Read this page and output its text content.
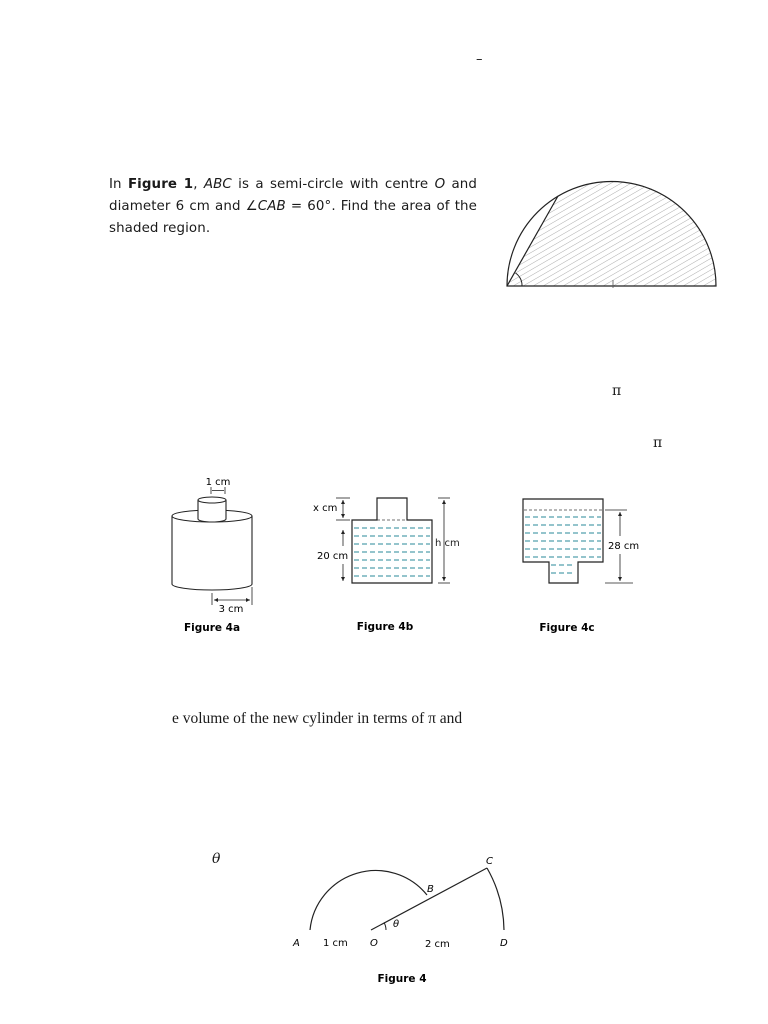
–
In Figure 1, ABC is a semi-circle with centre O and diameter 6 cm and ∠CAB = 60°. Find the area of the shaded region.
π
π
1 cm
3 cm
Figure 4a
x cm
20 cm
h cm
Figure 4b
28 cm
Figure 4c
e volume of the new cylinder in terms of π and
θ
θ
A 1 cm O	2 cm	D
B
C
Figure 4
